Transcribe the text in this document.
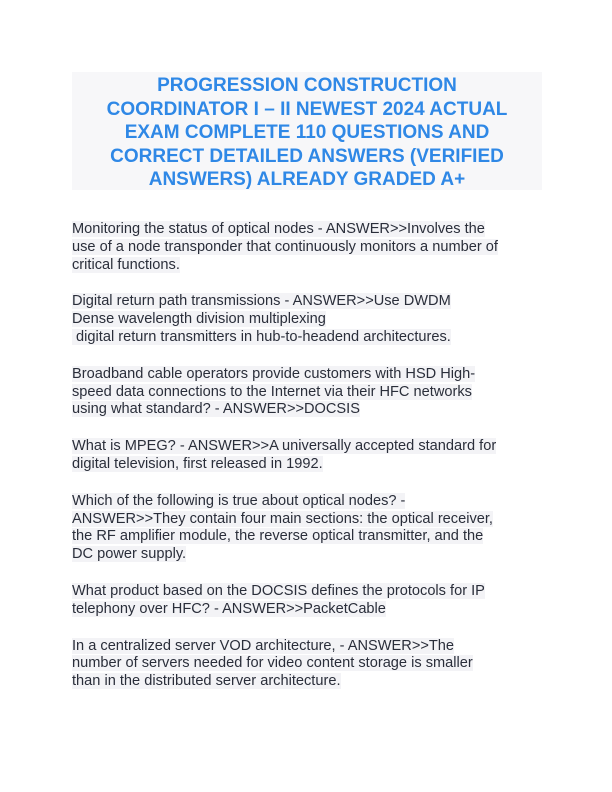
PROGRESSION CONSTRUCTION
COORDINATOR I – II NEWEST 2024 ACTUAL
EXAM COMPLETE 110 QUESTIONS AND
CORRECT DETAILED ANSWERS (VERIFIED
ANSWERS) ALREADY GRADED A+

Monitoring the status of optical nodes - ANSWER>>Involves the
use of a node transponder that continuously monitors a number of
critical functions.

Digital return path transmissions - ANSWER>>Use DWDM
Dense wavelength division multiplexing
digital return transmitters in hub-to-headend architectures.

Broadband cable operators provide customers with HSD High-
speed data connections to the Internet via their HFC networks
using what standard? - ANSWER>>DOCSIS

What is MPEG? - ANSWER>>A universally accepted standard for
digital television, first released in 1992.

Which of the following is true about optical nodes? -
ANSWER>>They contain four main sections: the optical receiver,
the RF amplifier module, the reverse optical transmitter, and the
DC power supply.

What product based on the DOCSIS defines the protocols for IP
telephony over HFC? - ANSWER>>PacketCable

In a centralized server VOD architecture, - ANSWER>>The
number of servers needed for video content storage is smaller
than in the distributed server architecture.
